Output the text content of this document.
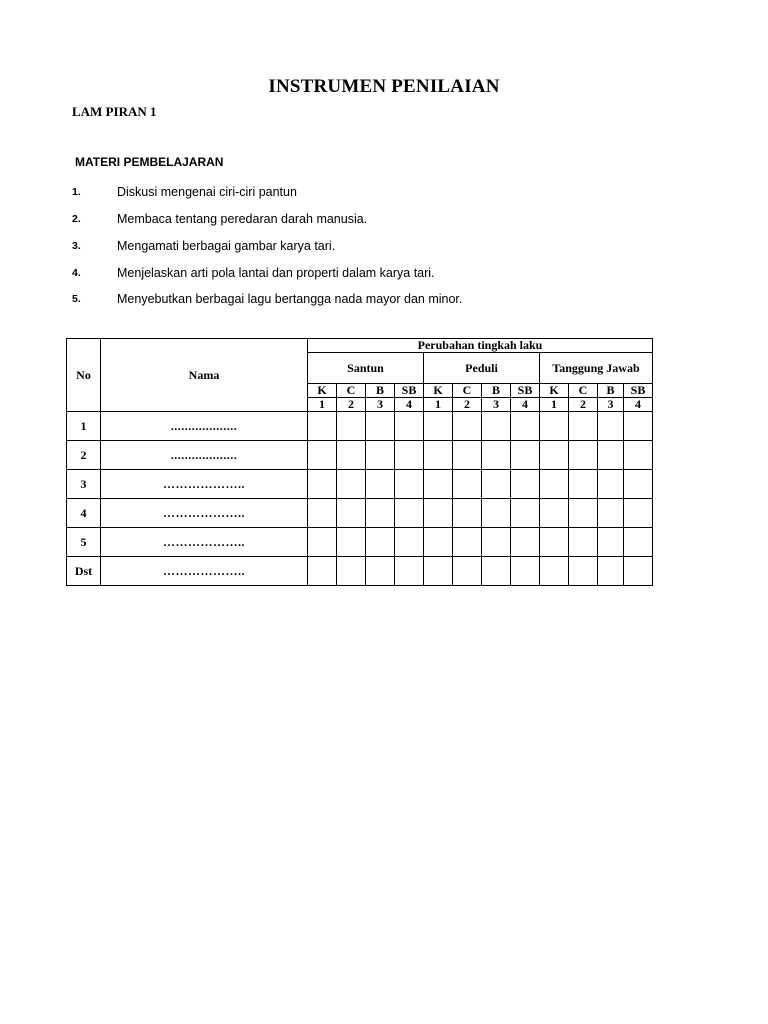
INSTRUMEN PENILAIAN
LAM PIRAN 1
MATERI PEMBELAJARAN
1.	Diskusi mengenai ciri-ciri pantun
2.	Membaca tentang peredaran darah manusia.
3.	Mengamati berbagai gambar karya tari.
4.	Menjelaskan arti pola lantai dan properti dalam karya tari.
5.	Menyebutkan berbagai lagu bertangga nada mayor dan minor.
No	Nama	Perubahan tingkah laku											
		Santun				Peduli				Tanggung Jawab			
		K	C	B	SB	K	C	B	SB	K	C	B	SB
		1	2	3	4	1	2	3	4	1	2	3	4
1	...................												
2	...................												
3	………………..												
4	………………..												
5	………………..												
Dst	………………..												
